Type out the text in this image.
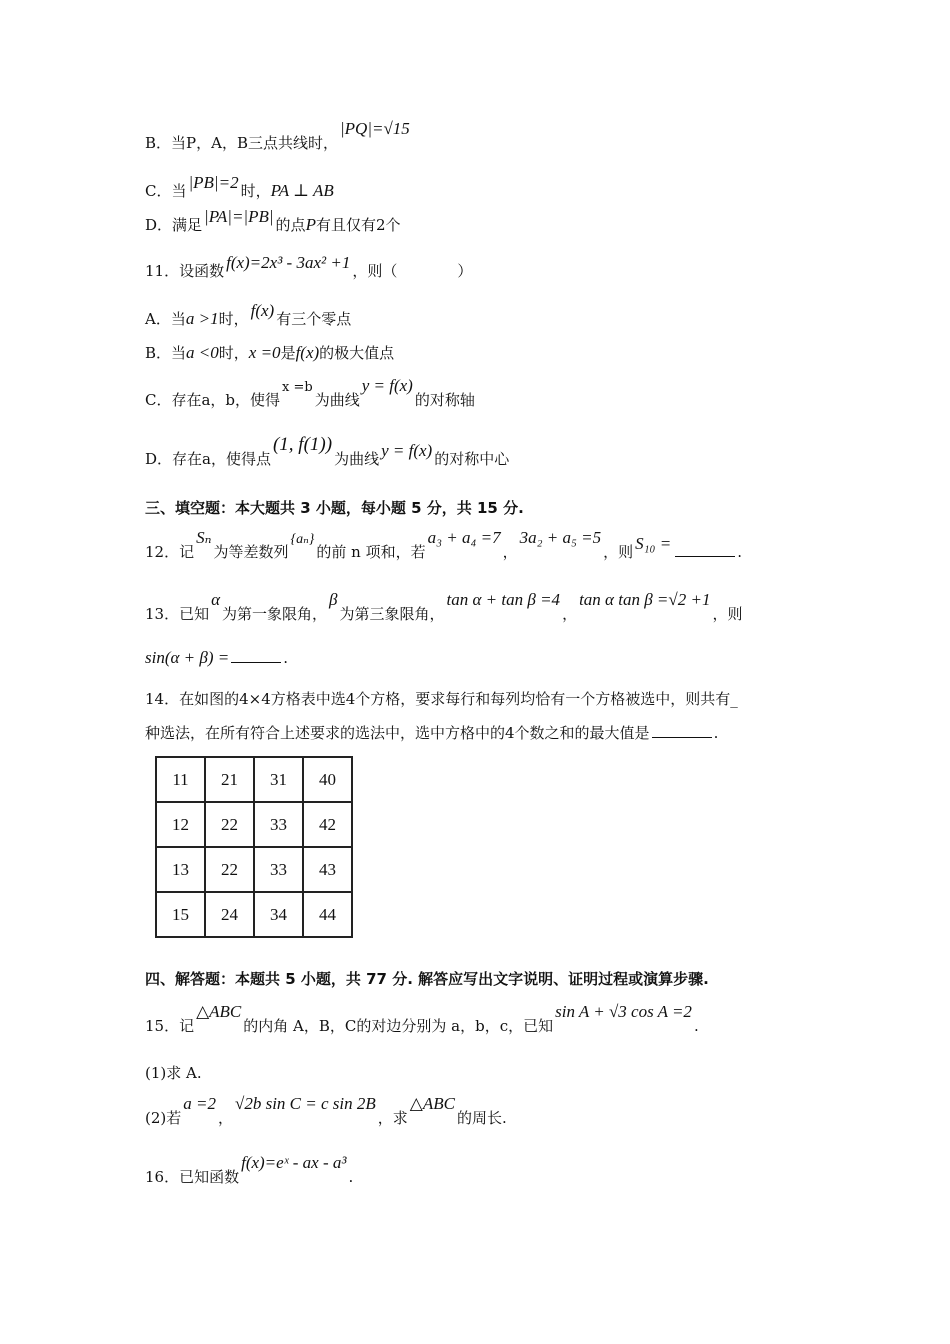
B．当P，A，B三点共线时，|PQ|=√15
C．当 |PB|=2 时，PA ⊥ AB
D．满足 |PA|=|PB| 的点P有且仅有2个
11．设函数 f(x)=2x³ - 3ax² +1 ，则（　　　　）
A．当a >1时， f(x) 有三个零点
B．当a <0时，x =0是f(x)的极大值点
C．存在a，b，使得x =b为曲线y = f(x)的对称轴
D．存在a，使得点(1, f(1))为曲线 y = f(x) 的对称中心
三、填空题：本大题共 3 小题，每小题 5 分，共 15 分.
12．记Sₙ为等差数列{aₙ}的前 n 项和，若a₃ + a₄ =7，3a₂ + a₅ =5，则 S₁₀ =	.
13．已知α为第一象限角，β为第三象限角，tan α + tan β =4，tan α tan β =√2 +1，则
sin(α + β) =	.
14．在如图的4×4方格表中选4个方格，要求每行和每列均恰有一个方格被选中，则共有_
种选法，在所有符合上述要求的选法中，选中方格中的4个数之和的最大值是	.
11	21	31	40
12	22	33	42
13	22	33	43
15	24	34	44
四、解答题：本题共 5 小题，共 77 分. 解答应写出文字说明、证明过程或演算步骤.
15．记△ABC的内角 A，B，C的对边分别为 a，b，c，已知sin A + √3 cos A =2.
(1)求 A.
(2)若a =2，√2b sin C = c sin 2B，求△ABC的周长.
16．已知函数f(x)=eˣ - ax - a³.
